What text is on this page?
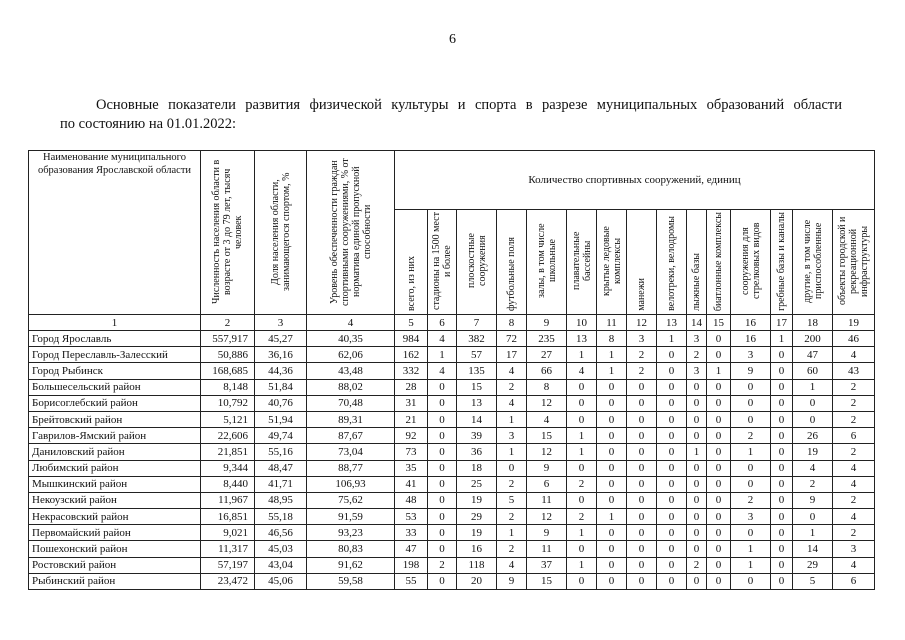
6
Основные показатели развития физической культуры и спорта в разрезе муниципальных образований области
по состоянию на 01.01.2022:
Наименование муниципального образования Ярославской области	Численность населения области в возрасте от 3 до 79 лет, тысяч человек	Доля населения области, занимающегося спортом, %	Уровень обеспеченности граждан спортивными сооружениями, % от норматива единой пропускной способности	Количество спортивных сооружений, единиц														
				всего, из них	стадионы на 1500 мест и более	плоскостные сооружения	футбольные поля	залы, в том числе школьные	плавательные бассейны	крытые ледовые комплексы	манежи	велотреки, велодромы	лыжные базы	биатлонные комплексы	сооружения для стрелковых видов	гребные базы и каналы	другие, в том числе приспособленные	объекты городской и рекреационной инфраструктуры
1	2	3	4	5	6	7	8	9	10	11	12	13	14	15	16	17	18	19
Город Ярославль	557,917	45,27	40,35	984	4	382	72	235	13	8	3	1	3	0	16	1	200	46
Город Переславль-Залесский	50,886	36,16	62,06	162	1	57	17	27	1	1	2	0	2	0	3	0	47	4
Город Рыбинск	168,685	44,36	43,48	332	4	135	4	66	4	1	2	0	3	1	9	0	60	43
Большесельский район	8,148	51,84	88,02	28	0	15	2	8	0	0	0	0	0	0	0	0	1	2
Борисоглебский район	10,792	40,76	70,48	31	0	13	4	12	0	0	0	0	0	0	0	0	0	2
Брейтовский район	5,121	51,94	89,31	21	0	14	1	4	0	0	0	0	0	0	0	0	0	2
Гаврилов-Ямский район	22,606	49,74	87,67	92	0	39	3	15	1	0	0	0	0	0	2	0	26	6
Даниловский район	21,851	55,16	73,04	73	0	36	1	12	1	0	0	0	1	0	1	0	19	2
Любимский район	9,344	48,47	88,77	35	0	18	0	9	0	0	0	0	0	0	0	0	4	4
Мышкинский район	8,440	41,71	106,93	41	0	25	2	6	2	0	0	0	0	0	0	0	2	4
Некоузский район	11,967	48,95	75,62	48	0	19	5	11	0	0	0	0	0	0	2	0	9	2
Некрасовский район	16,851	55,18	91,59	53	0	29	2	12	2	1	0	0	0	0	3	0	0	4
Первомайский район	9,021	46,56	93,23	33	0	19	1	9	1	0	0	0	0	0	0	0	1	2
Пошехонский район	11,317	45,03	80,83	47	0	16	2	11	0	0	0	0	0	0	1	0	14	3
Ростовский район	57,197	43,04	91,62	198	2	118	4	37	1	0	0	0	2	0	1	0	29	4
Рыбинский район	23,472	45,06	59,58	55	0	20	9	15	0	0	0	0	0	0	0	0	5	6
